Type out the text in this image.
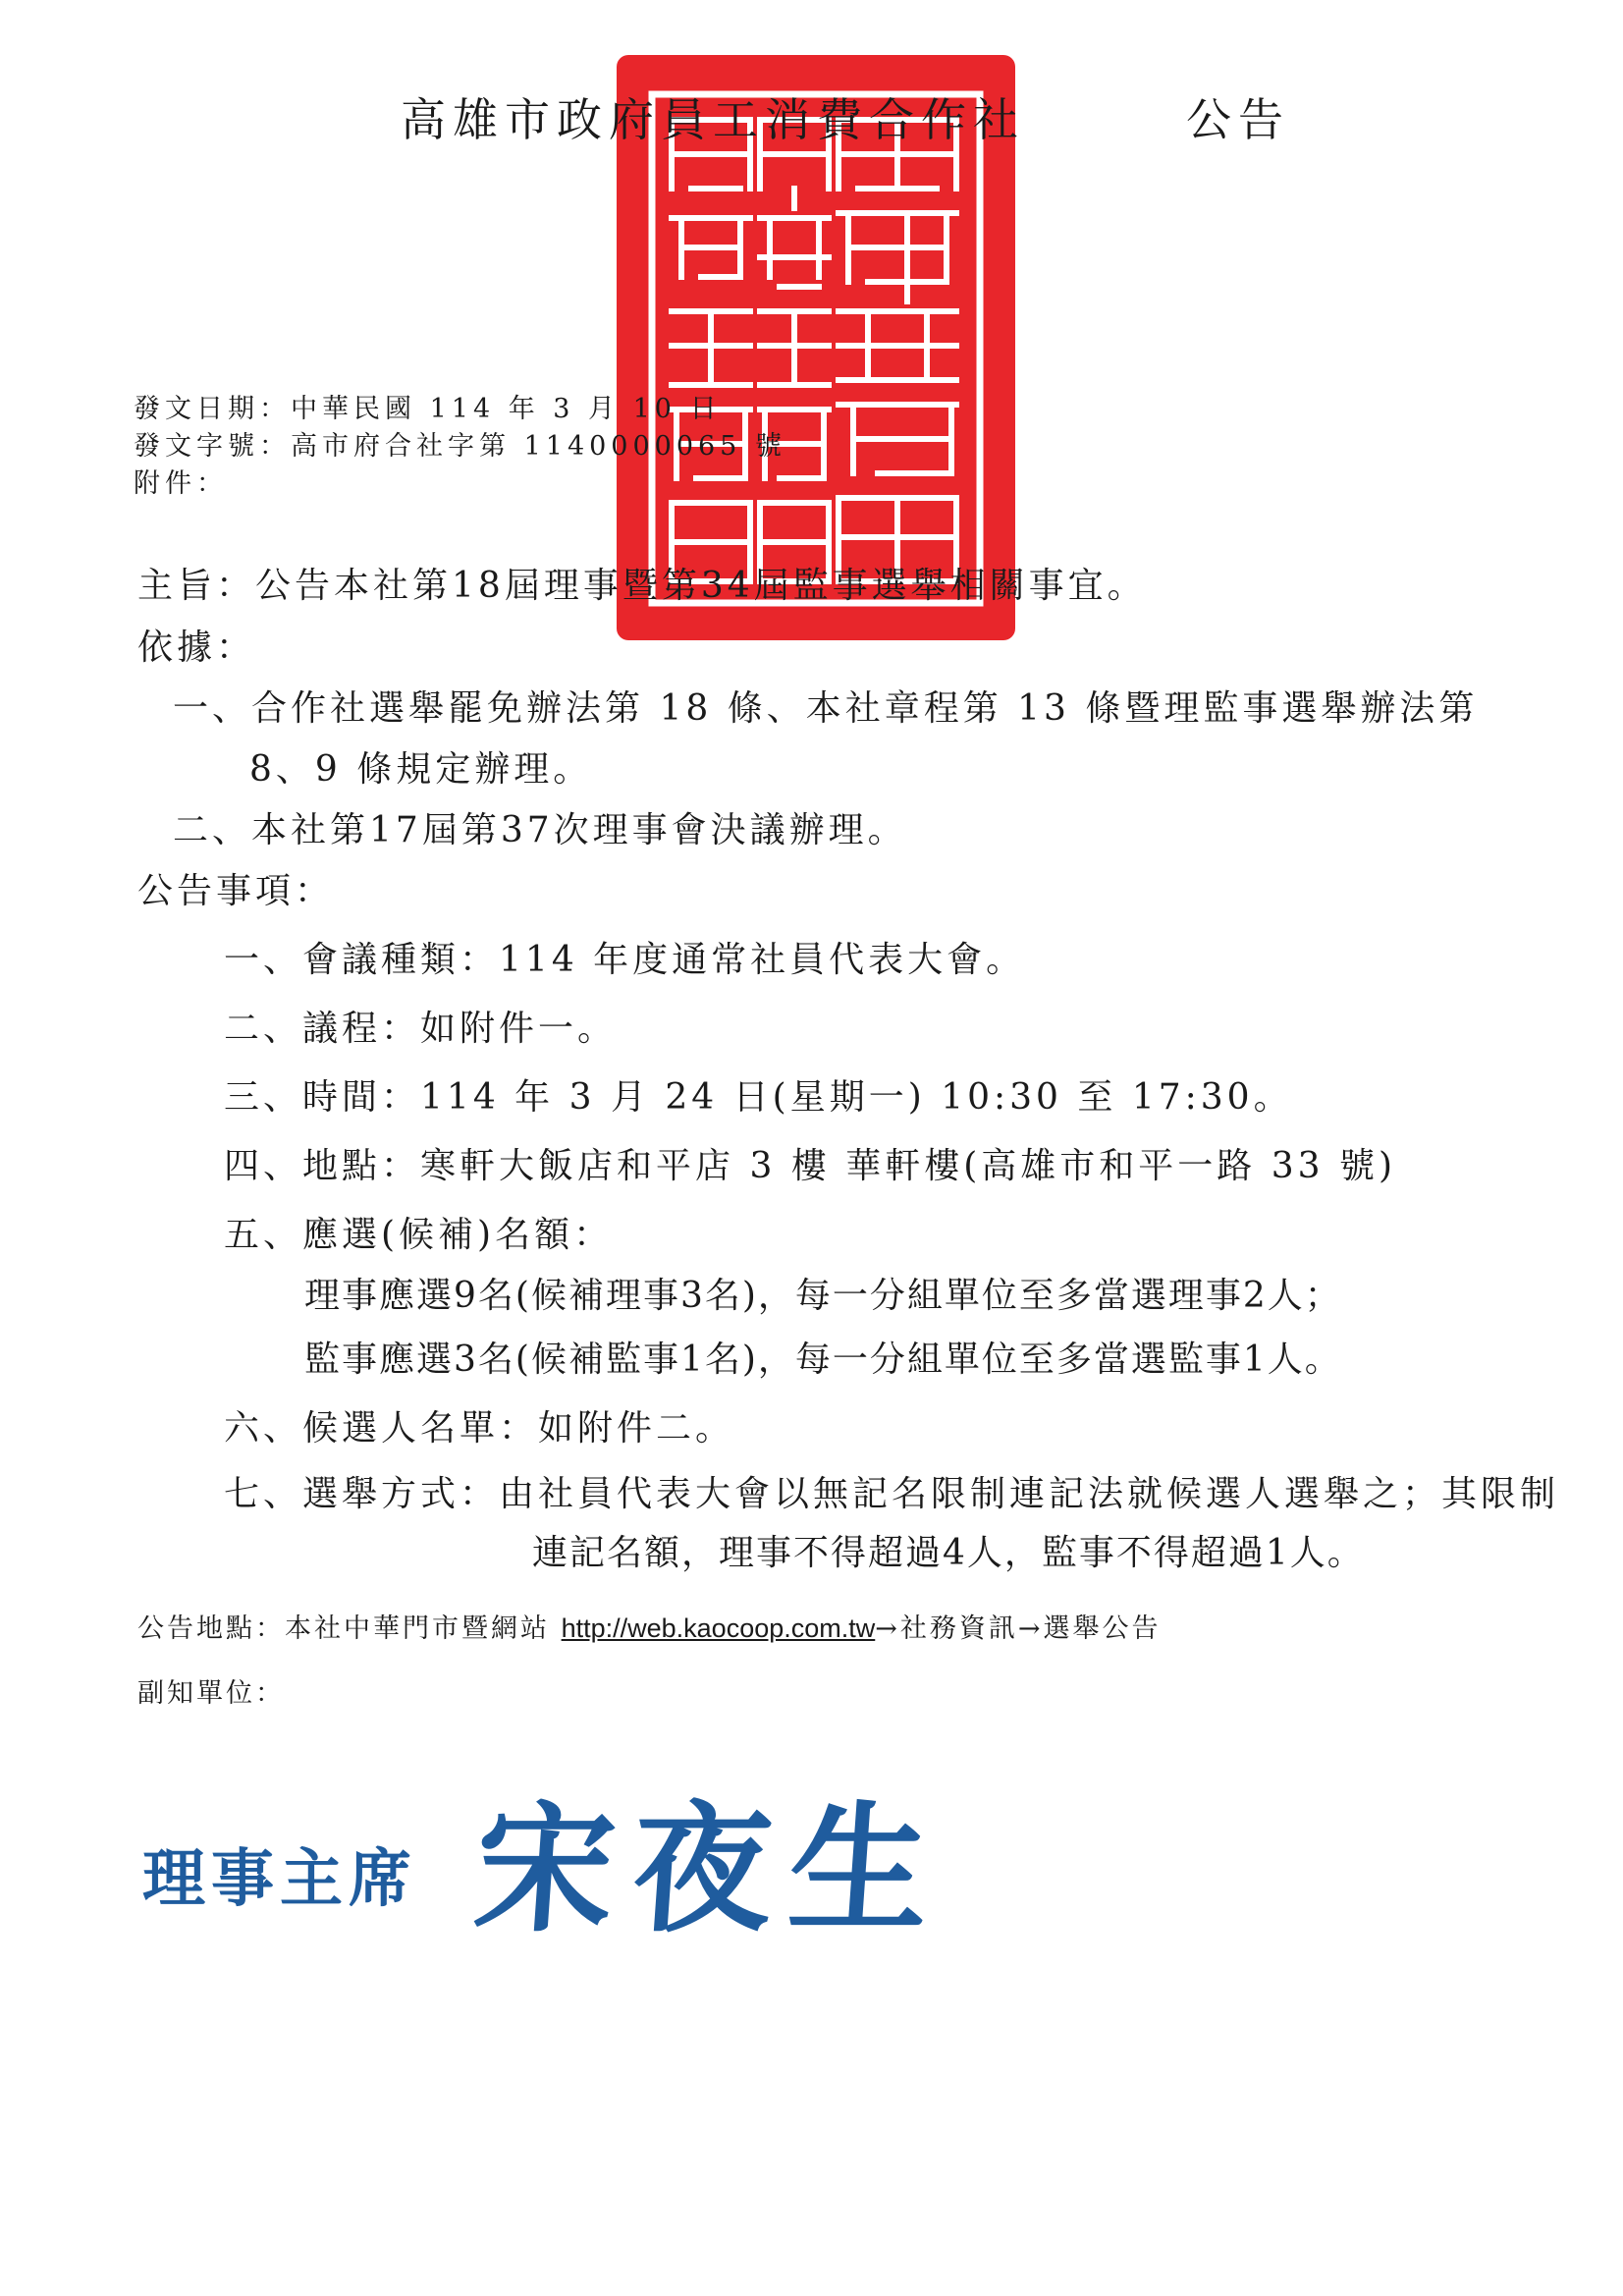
高雄市政府員工消費合作社	公告
發文日期：中華民國 114 年 3 月 10 日
發文字號：高市府合社字第 1140000065 號
附件：
主旨：公告本社第18屆理事暨第34屆監事選舉相關事宜。
依據：
一、合作社選舉罷免辦法第 18 條、本社章程第 13 條暨理監事選舉辦法第
8、9 條規定辦理。
二、本社第17屆第37次理事會決議辦理。
公告事項：
一、會議種類：114 年度通常社員代表大會。
二、議程：如附件一。
三、時間：114 年 3 月 24 日(星期一) 10:30 至 17:30。
四、地點：寒軒大飯店和平店 3 樓 華軒樓(高雄市和平一路 33 號)
五、應選(候補)名額：
理事應選9名(候補理事3名)，每一分組單位至多當選理事2人；
監事應選3名(候補監事1名)，每一分組單位至多當選監事1人。
六、候選人名單：如附件二。
七、選舉方式：由社員代表大會以無記名限制連記法就候選人選舉之；其限制
連記名額，理事不得超過4人，監事不得超過1人。
公告地點：本社中華門市暨網站 http://web.kaocoop.com.tw→社務資訊→選舉公告
副知單位：
理事主席 宋夜生
